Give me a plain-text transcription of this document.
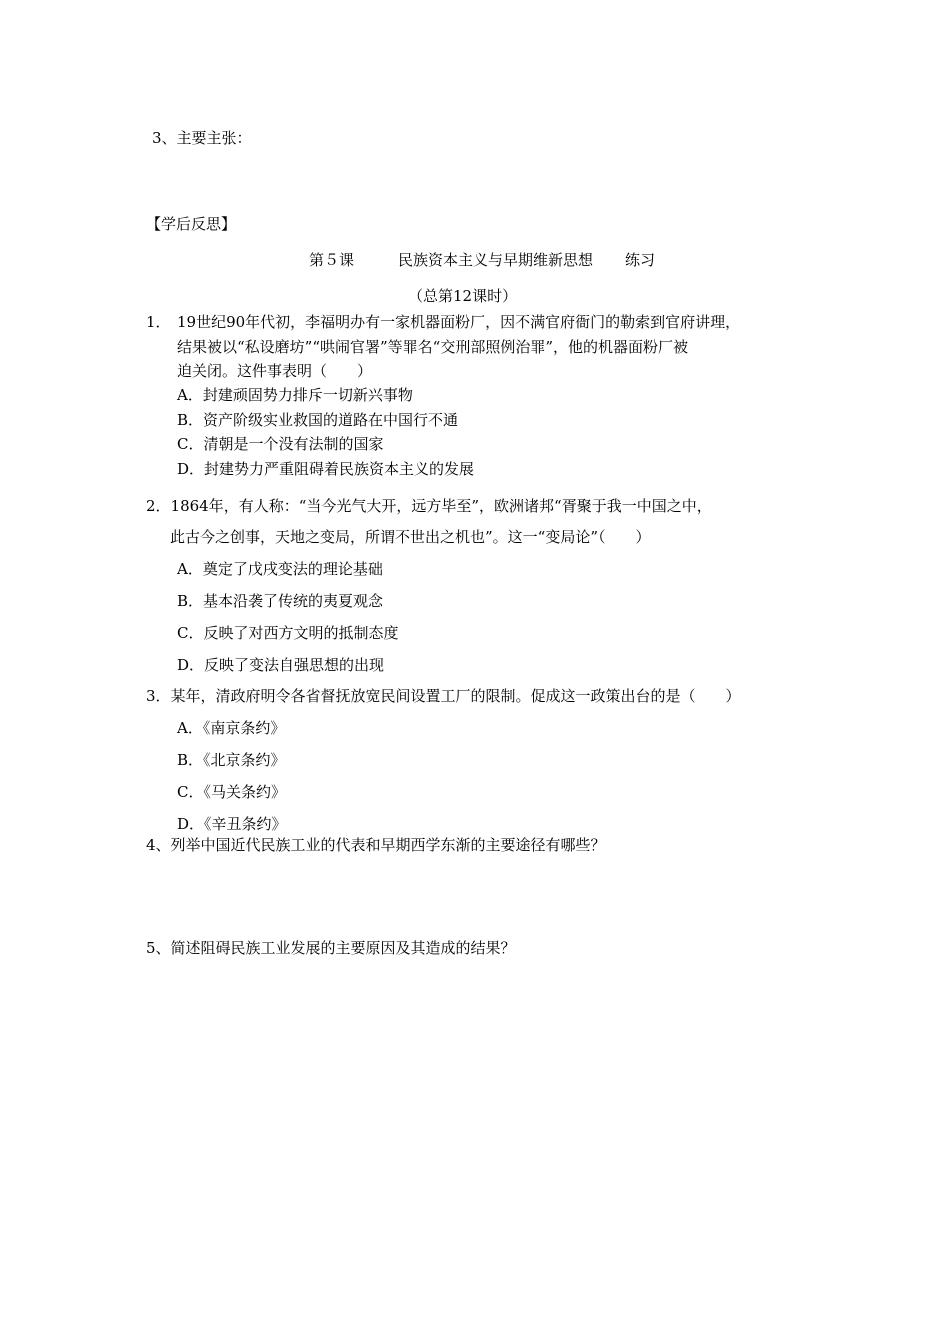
3、主要主张：
【学后反思】
第５课	民族资本主义与早期维新思想 练习
（总第12课时）
1． 19世纪90年代初，李福明办有一家机器面粉厂，因不满官府衙门的勒索到官府讲理，
结果被以“私设磨坊”“哄闹官署”等罪名“交刑部照例治罪”，他的机器面粉厂被
迫关闭。这件事表明（　　）
A．封建顽固势力排斥一切新兴事物
B．资产阶级实业救国的道路在中国行不通
C．清朝是一个没有法制的国家
D．封建势力严重阻碍着民族资本主义的发展
2．1864年，有人称：“当今光气大开，远方毕至”，欧洲诸邦“胥聚于我一中国之中，
此古今之创事，天地之变局，所谓不世出之机也”。这一“变局论”（　　）
A．奠定了戊戌变法的理论基础
B．基本沿袭了传统的夷夏观念
C．反映了对西方文明的抵制态度
D．反映了变法自强思想的出现
3．某年，清政府明令各省督抚放宽民间设置工厂的限制。促成这一政策出台的是（　　）
A．《南京条约》
B．《北京条约》
C．《马关条约》
D．《辛丑条约》
4、列举中国近代民族工业的代表和早期西学东渐的主要途径有哪些？
5、简述阻碍民族工业发展的主要原因及其造成的结果？
